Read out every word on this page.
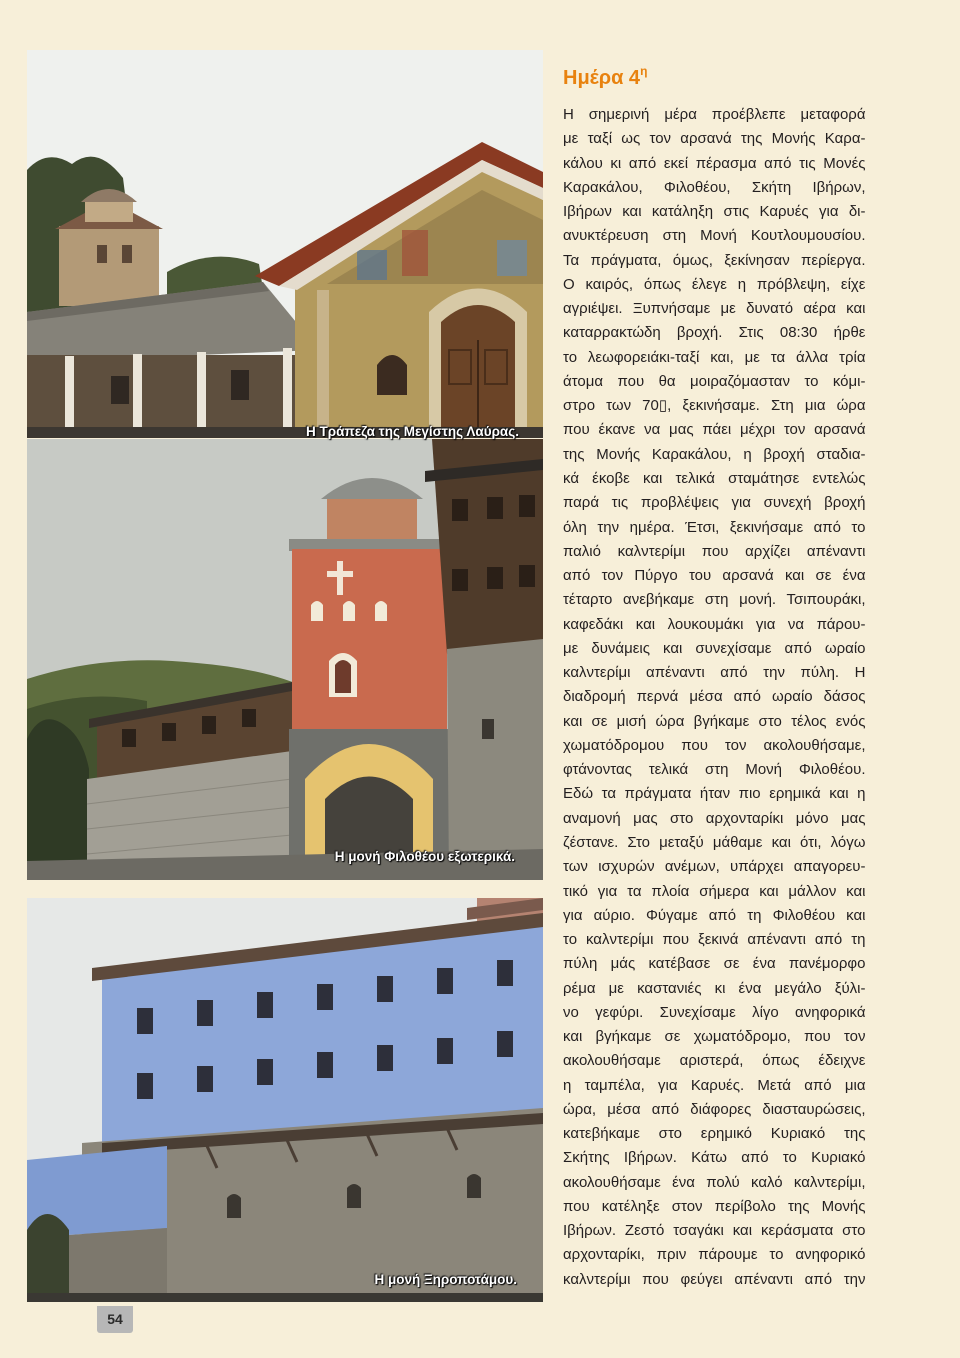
Η Τράπεζα της Μεγίστης Λαύρας.
Η μονή Φιλοθέου εξωτερικά.
Η μονή Ξηροποτάμου.
Ημέρα $4^\eta$
Η σημερινή μέρα προέβλεπε μεταφορά
με ταξί ως τον αρσανά της Μονής Καρα-
κάλου κι από εκεί πέρασμα από τις Μονές
Καρακάλου, Φιλοθέου, Σκήτη Ιβήρων,
Ιβήρων και κατάληξη στις Καρυές για δι-
ανυκτέρευση στη Μονή Κουτλουμουσίου.
Τα πράγματα, όμως, ξεκίνησαν περίεργα.
Ο καιρός, όπως έλεγε η πρόβλεψη, είχε
αγριέψει. Ξυπνήσαμε με δυνατό αέρα και
καταρρακτώδη βροχή. Στις 08:30 ήρθε
το λεωφορειάκι-ταξί και, με τα άλλα τρία
άτομα που θα μοιραζόμασταν το κόμι-
στρο των 70▯, ξεκινήσαμε. Στη μια ώρα
που έκανε να μας πάει μέχρι τον αρσανά
της Μονής Καρακάλου, η βροχή σταδια-
κά έκοβε και τελικά σταμάτησε εντελώς
παρά τις προβλέψεις για συνεχή βροχή
όλη την ημέρα. Έτσι, ξεκινήσαμε από το
παλιό καλντερίμι που αρχίζει απέναντι
από τον Πύργο του αρσανά και σε ένα
τέταρτο ανεβήκαμε στη μονή. Τσιπουράκι,
καφεδάκι και λουκουμάκι για να πάρου-
με δυνάμεις και συνεχίσαμε από ωραίο
καλντερίμι απέναντι από την πύλη. Η
διαδρομή περνά μέσα από ωραίο δάσος
και σε μισή ώρα βγήκαμε στο τέλος ενός
χωματόδρομου που τον ακολουθήσαμε,
φτάνοντας τελικά στη Μονή Φιλοθέου.
Εδώ τα πράγματα ήταν πιο ερημικά και η
αναμονή μας στο αρχονταρίκι μόνο μας
ζέστανε. Στο μεταξύ μάθαμε και ότι, λόγω
των ισχυρών ανέμων, υπάρχει απαγορευ-
τικό για τα πλοία σήμερα και μάλλον και
για αύριο. Φύγαμε από τη Φιλοθέου και
το καλντερίμι που ξεκινά απέναντι από τη
πύλη μάς κατέβασε σε ένα πανέμορφο
ρέμα με καστανιές κι ένα μεγάλο ξύλι-
νο γεφύρι. Συνεχίσαμε λίγο ανηφορικά
και βγήκαμε σε χωματόδρομο, που τον
ακολουθήσαμε αριστερά, όπως έδειχνε
η ταμπέλα, για Καρυές. Μετά από μια
ώρα, μέσα από διάφορες διασταυρώσεις,
κατεβήκαμε στο ερημικό Κυριακό της
Σκήτης Ιβήρων. Κάτω από το Κυριακό
ακολουθήσαμε ένα πολύ καλό καλντερίμι,
που κατέληξε στον περίβολο της Μονής
Ιβήρων. Ζεστό τσαγάκι και κεράσματα στο
αρχονταρίκι, πριν πάρουμε το ανηφορικό
καλντερίμι που φεύγει απέναντι από την
54
